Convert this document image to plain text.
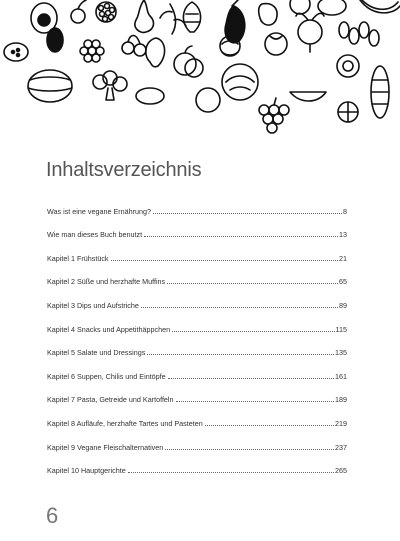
Inhaltsverzeichnis
Was ist eine vegane Ernährung?	8
Wie man dieses Buch benutzt	13
Kapitel 1 Frühstück	21
Kapitel 2 Süße und herzhafte Muffins	65
Kapitel 3 Dips und Aufstriche	89
Kapitel 4 Snacks und Appetithäppchen	115
Kapitel 5 Salate und Dressings	135
Kapitel 6 Suppen, Chilis und Eintöpfe	161
Kapitel 7 Pasta, Getreide und Kartoffeln	189
Kapitel 8 Aufläufe, herzhafte Tartes und Pasteten	219
Kapitel 9 Vegane Fleischalternativen	237
Kapitel 10 Hauptgerichte	265
6
